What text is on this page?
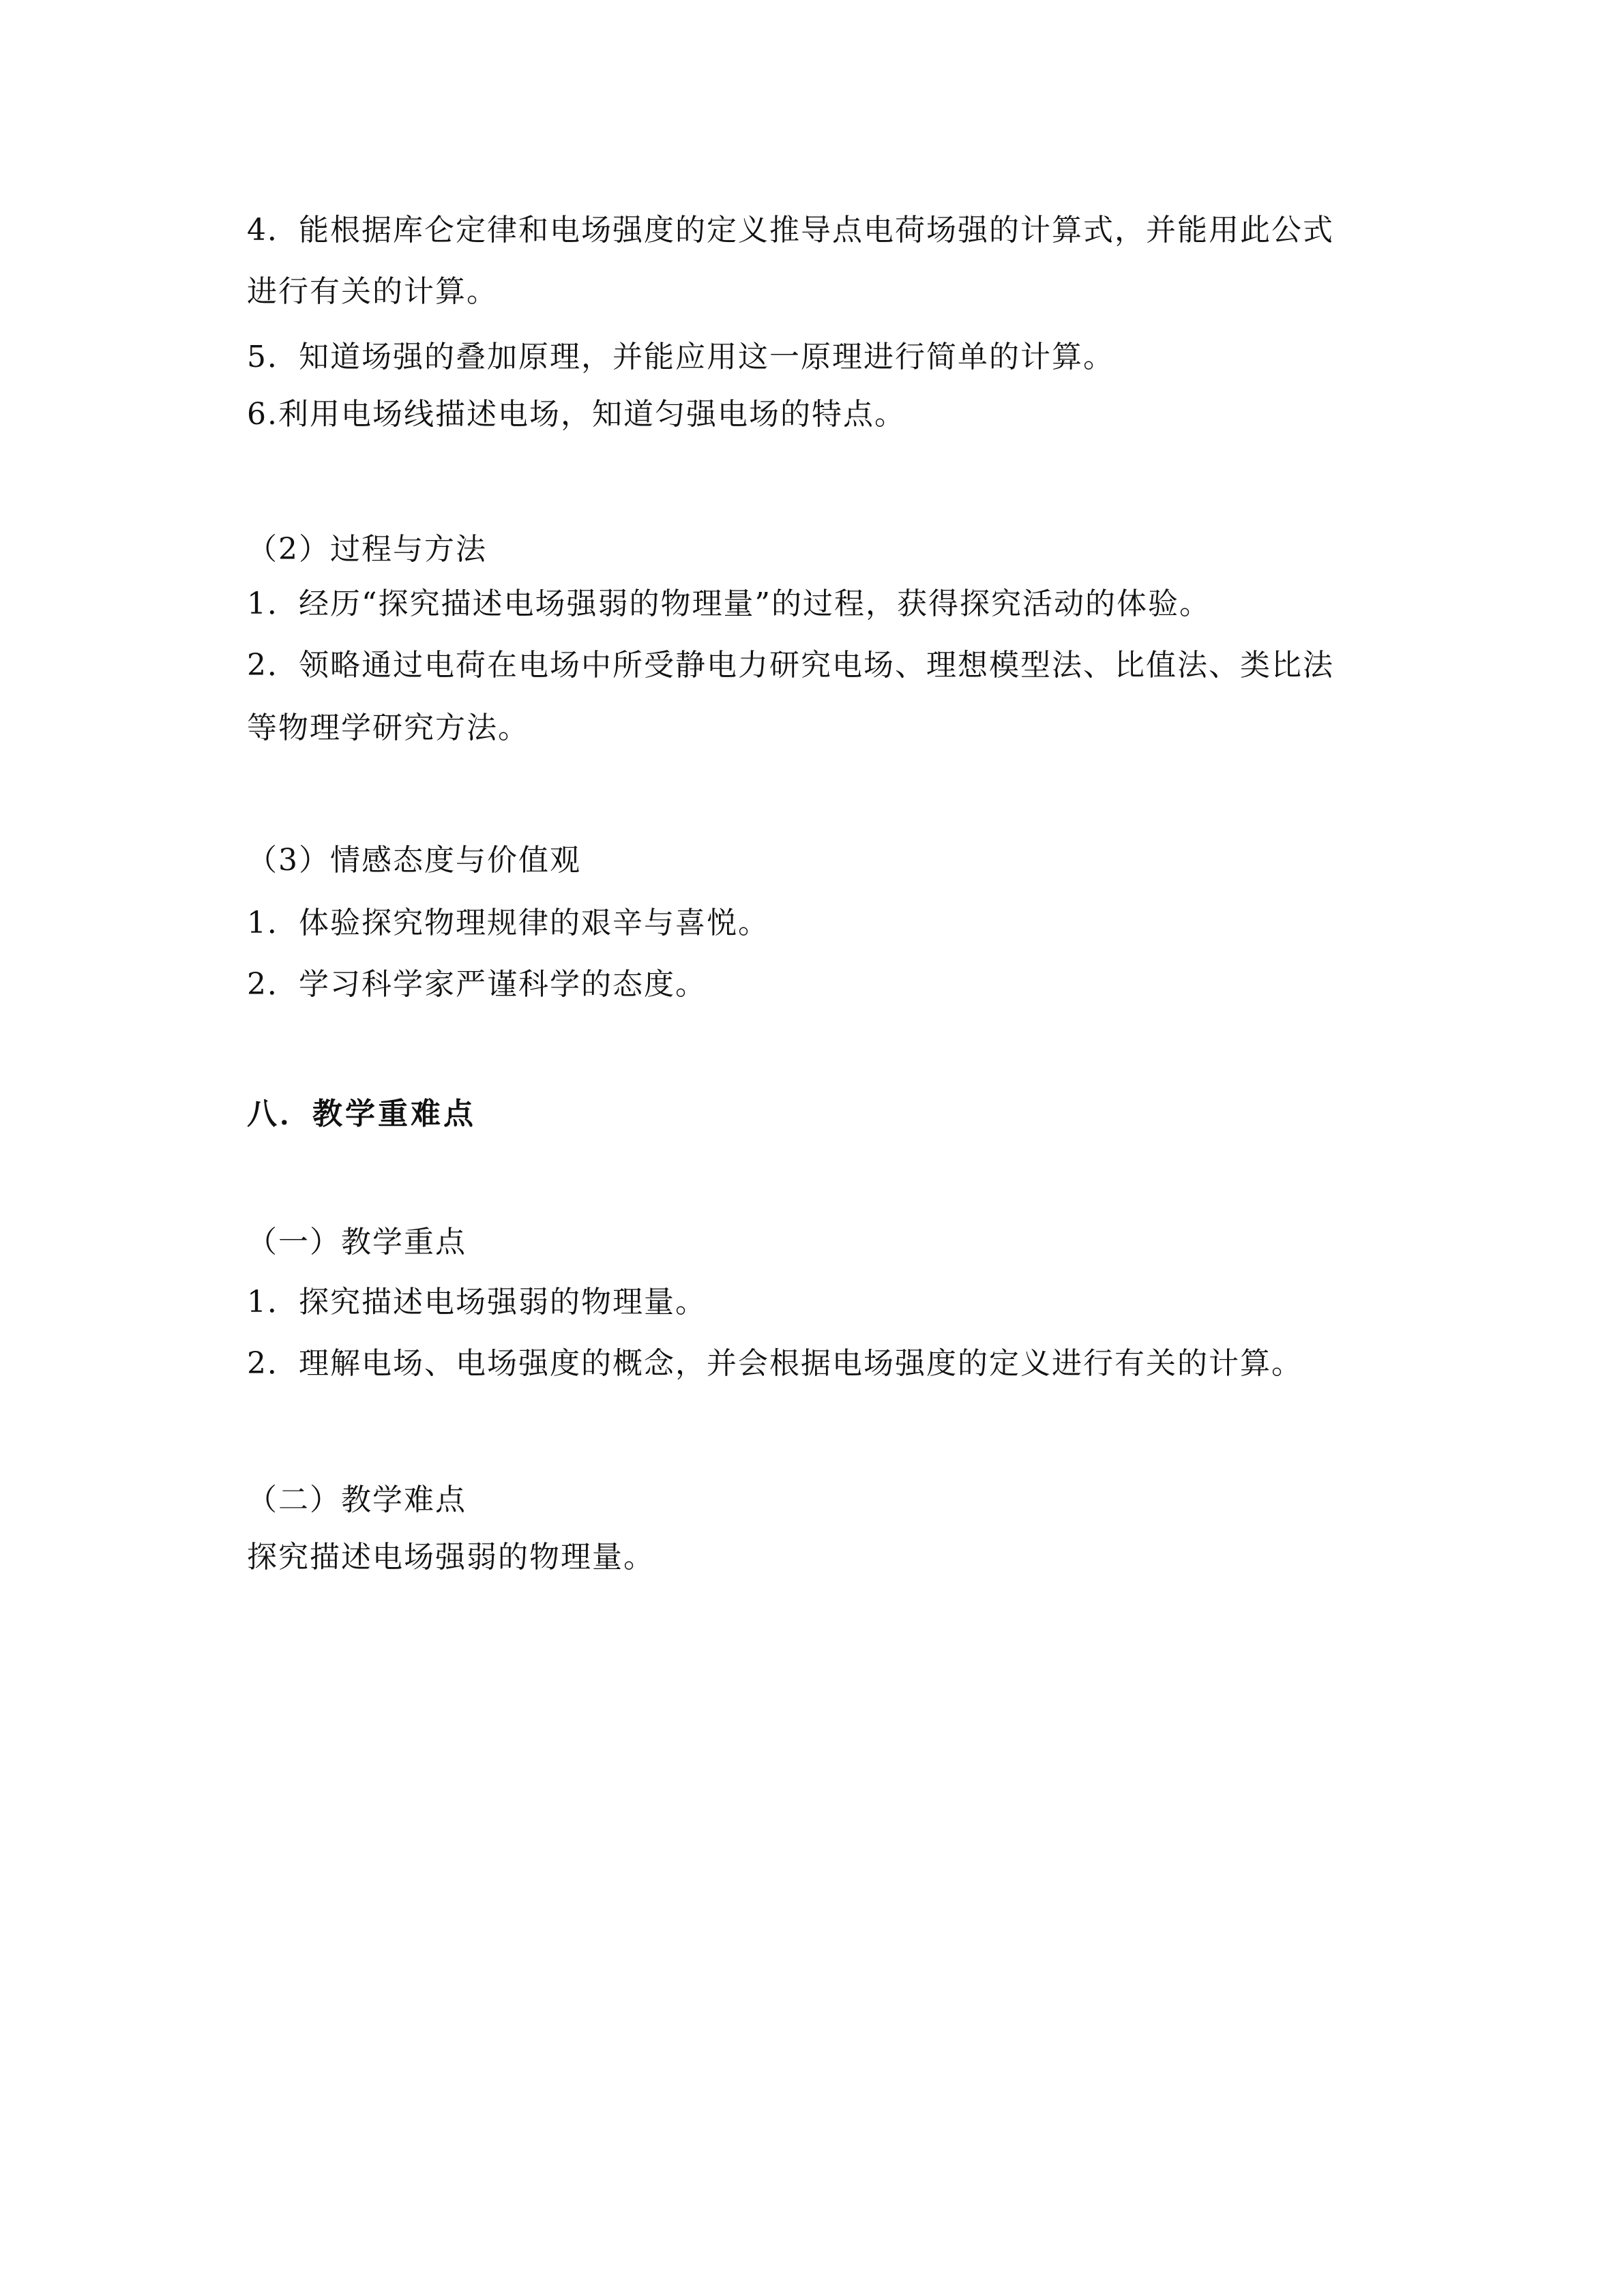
4．能根据库仑定律和电场强度的定义推导点电荷场强的计算式，并能用此公式
进行有关的计算。
5．知道场强的叠加原理，并能应用这一原理进行简单的计算。
6.利用电场线描述电场，知道匀强电场的特点。
（2）过程与方法
1．经历“探究描述电场强弱的物理量”的过程，获得探究活动的体验。
2．领略通过电荷在电场中所受静电力研究电场、理想模型法、比值法、类比法
等物理学研究方法。
（3）情感态度与价值观
1．体验探究物理规律的艰辛与喜悦。
2．学习科学家严谨科学的态度。
八．教学重难点
（一）教学重点
1．探究描述电场强弱的物理量。
2．理解电场、电场强度的概念，并会根据电场强度的定义进行有关的计算。
（二）教学难点
探究描述电场强弱的物理量。
